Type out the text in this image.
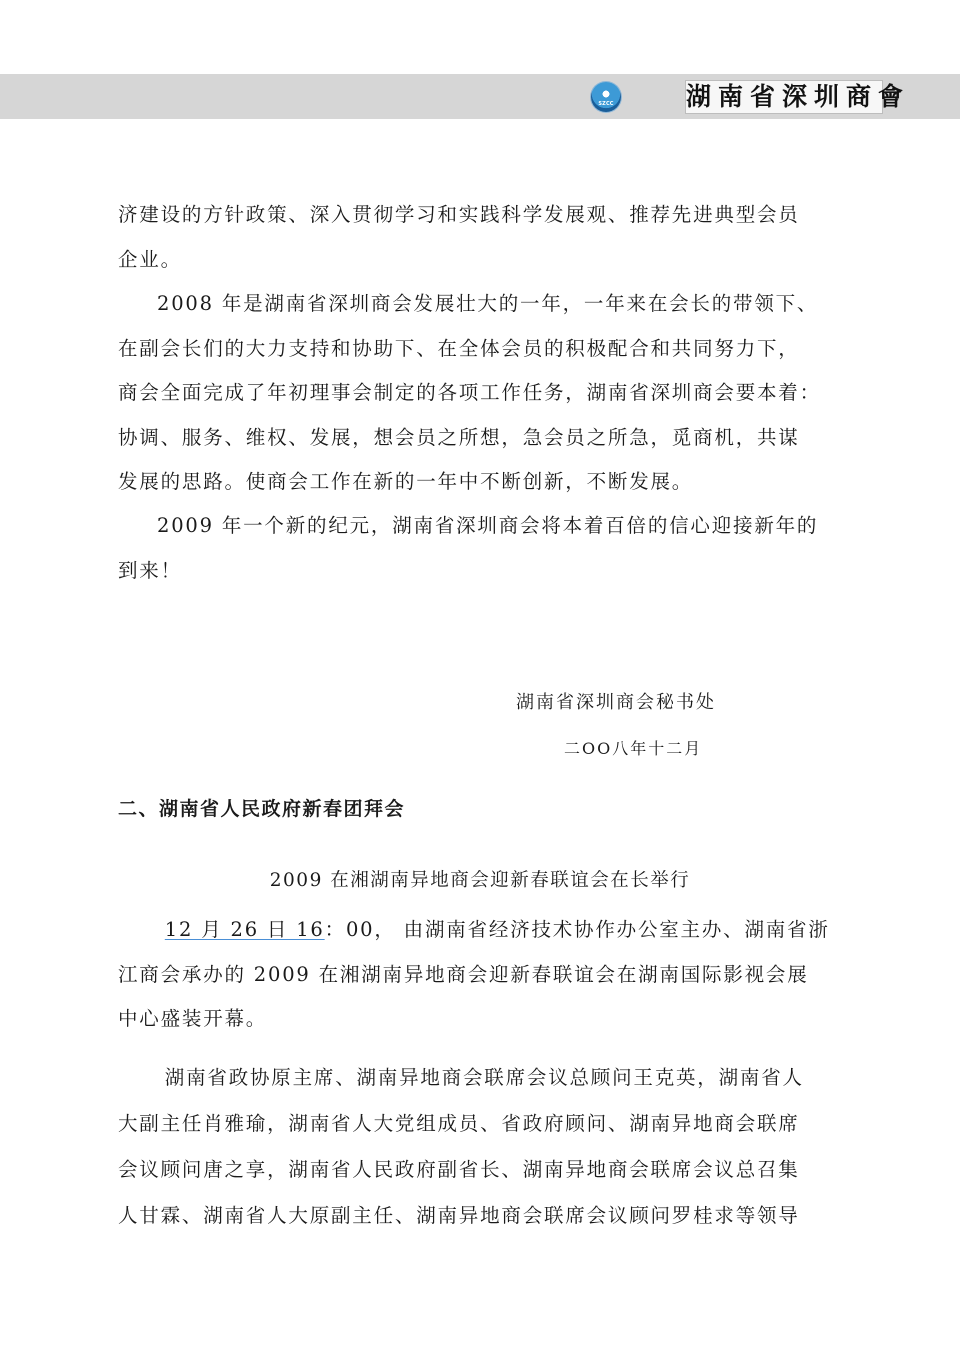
SZCC	湖南省深圳商會
济建设的方针政策、深入贯彻学习和实践科学发展观、推荐先进典型会员
企业。
2008 年是湖南省深圳商会发展壮大的一年，一年来在会长的带领下、
在副会长们的大力支持和协助下、在全体会员的积极配合和共同努力下，
商会全面完成了年初理事会制定的各项工作任务，湖南省深圳商会要本着：
协调、服务、维权、发展，想会员之所想，急会员之所急，觅商机，共谋
发展的思路。使商会工作在新的一年中不断创新，不断发展。
2009 年一个新的纪元，湖南省深圳商会将本着百倍的信心迎接新年的
到来！
湖南省深圳商会秘书处
二OO八年十二月
二、湖南省人民政府新春团拜会
2009 在湘湖南异地商会迎新春联谊会在长举行
12 月 26 日 16：00， 由湖南省经济技术协作办公室主办、湖南省浙
江商会承办的 2009 在湘湖南异地商会迎新春联谊会在湖南国际影视会展
中心盛装开幕。
湖南省政协原主席、湖南异地商会联席会议总顾问王克英，湖南省人
大副主任肖雅瑜，湖南省人大党组成员、省政府顾问、湖南异地商会联席
会议顾问唐之享，湖南省人民政府副省长、湖南异地商会联席会议总召集
人甘霖、湖南省人大原副主任、湖南异地商会联席会议顾问罗桂求等领导
